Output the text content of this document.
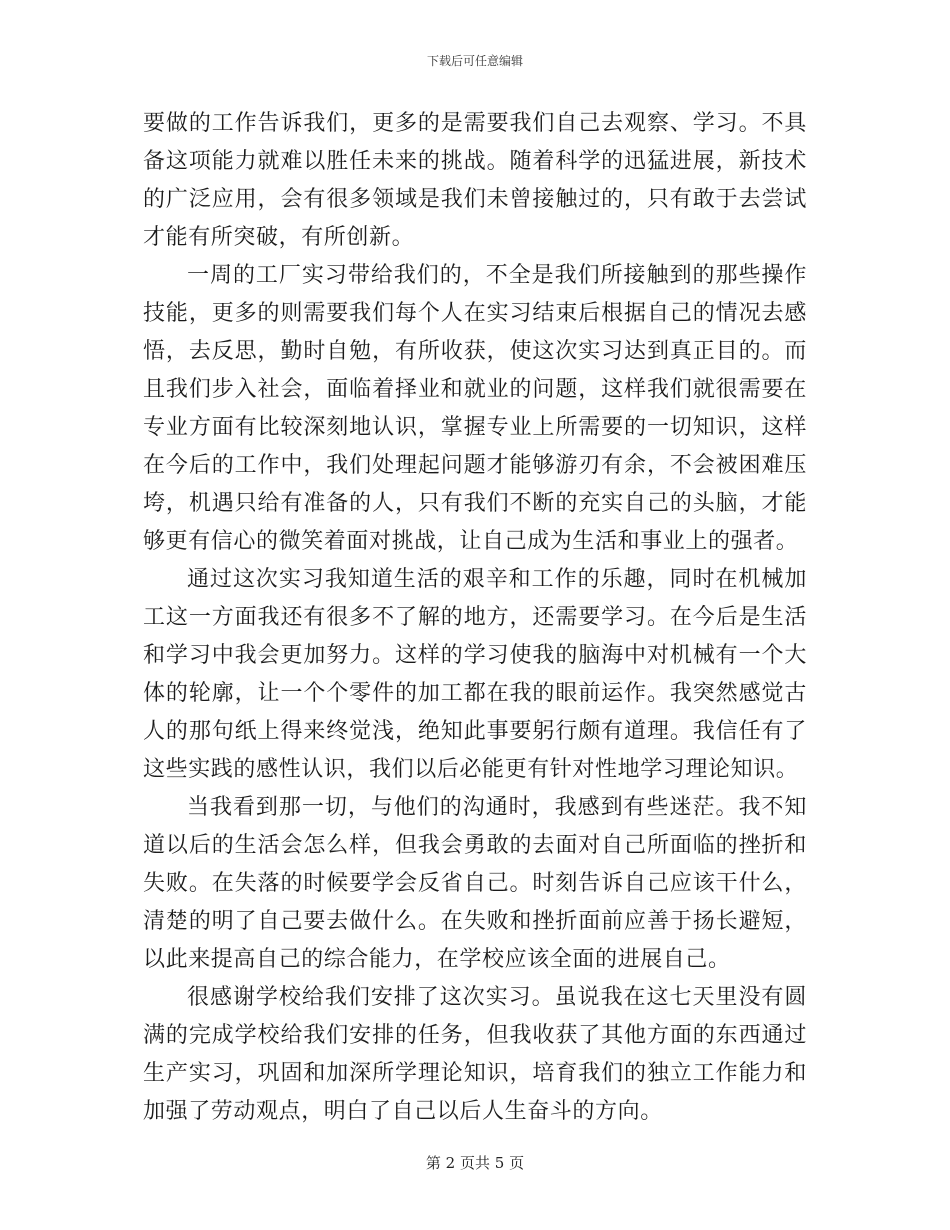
下载后可任意编辑

要做的工作告诉我们，更多的是需要我们自己去观察、学习。不具备这项能力就难以胜任未来的挑战。随着科学的迅猛进展，新技术的广泛应用，会有很多领域是我们未曾接触过的，只有敢于去尝试才能有所突破，有所创新。

一周的工厂实习带给我们的，不全是我们所接触到的那些操作技能，更多的则需要我们每个人在实习结束后根据自己的情况去感悟，去反思，勤时自勉，有所收获，使这次实习达到真正目的。而且我们步入社会，面临着择业和就业的问题，这样我们就很需要在专业方面有比较深刻地认识，掌握专业上所需要的一切知识，这样在今后的工作中，我们处理起问题才能够游刃有余，不会被困难压垮，机遇只给有准备的人，只有我们不断的充实自己的头脑，才能够更有信心的微笑着面对挑战，让自己成为生活和事业上的强者。

通过这次实习我知道生活的艰辛和工作的乐趣，同时在机械加工这一方面我还有很多不了解的地方，还需要学习。在今后是生活和学习中我会更加努力。这样的学习使我的脑海中对机械有一个大体的轮廓，让一个个零件的加工都在我的眼前运作。我突然感觉古人的那句纸上得来终觉浅，绝知此事要躬行颇有道理。我信任有了这些实践的感性认识，我们以后必能更有针对性地学习理论知识。

当我看到那一切，与他们的沟通时，我感到有些迷茫。我不知道以后的生活会怎么样，但我会勇敢的去面对自己所面临的挫折和失败。在失落的时候要学会反省自己。时刻告诉自己应该干什么，清楚的明了自己要去做什么。在失败和挫折面前应善于扬长避短，以此来提高自己的综合能力，在学校应该全面的进展自己。

很感谢学校给我们安排了这次实习。虽说我在这七天里没有圆满的完成学校给我们安排的任务，但我收获了其他方面的东西通过生产实习，巩固和加深所学理论知识，培育我们的独立工作能力和加强了劳动观点，明白了自己以后人生奋斗的方向。

第 2 页共 5 页
